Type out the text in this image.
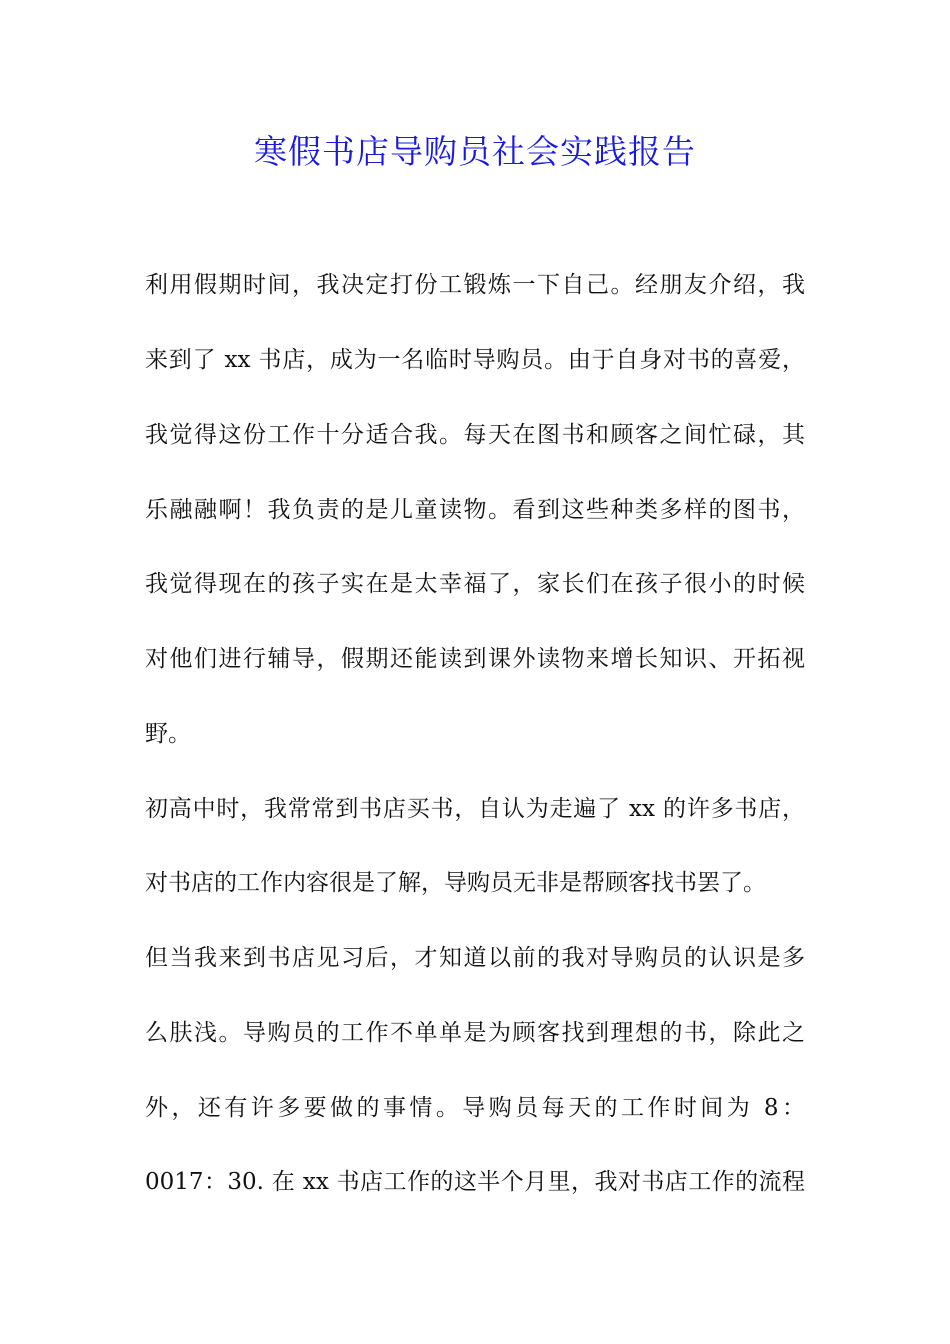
寒假书店导购员社会实践报告

利用假期时间，我决定打份工锻炼一下自己。经朋友介绍，我

来到了 xx 书店，成为一名临时导购员。由于自身对书的喜爱，

我觉得这份工作十分适合我。每天在图书和顾客之间忙碌，其

乐融融啊！我负责的是儿童读物。看到这些种类多样的图书，

我觉得现在的孩子实在是太幸福了，家长们在孩子很小的时候

对他们进行辅导，假期还能读到课外读物来增长知识、开拓视

野。

初高中时，我常常到书店买书，自认为走遍了 xx 的许多书店，

对书店的工作内容很是了解，导购员无非是帮顾客找书罢了。

但当我来到书店见习后，才知道以前的我对导购员的认识是多

么肤浅。导购员的工作不单单是为顾客找到理想的书，除此之

外，还有许多要做的事情。导购员每天的工作时间为 8：

0017：30. 在 xx 书店工作的这半个月里，我对书店工作的流程
